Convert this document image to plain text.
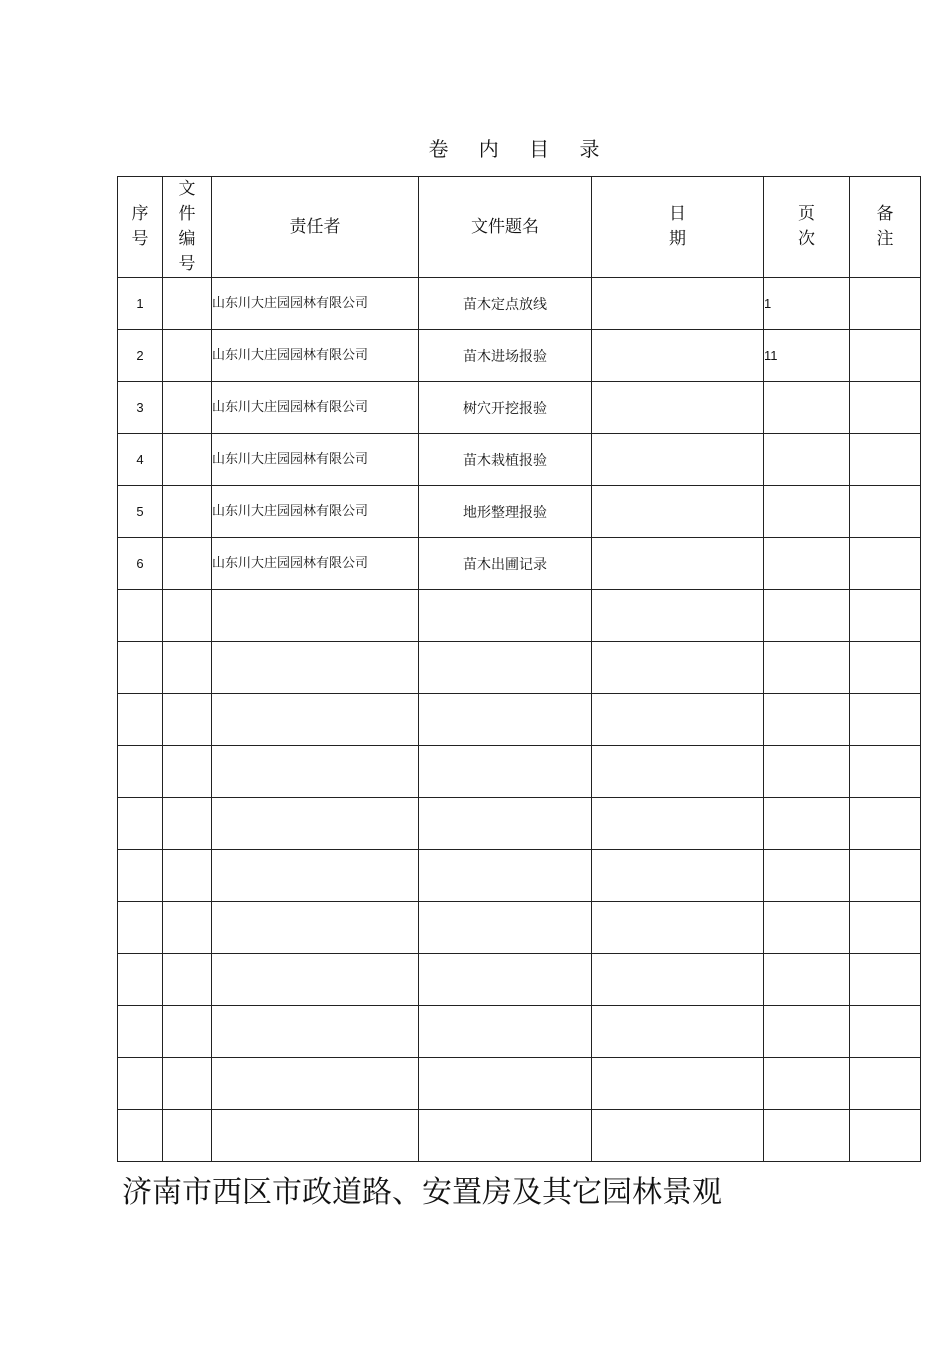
卷 内 目 录
序号	文件编号	责任者	文件题名	日期	页次	备注
1		山东川大庄园园林有限公司	苗木定点放线		1	
2		山东川大庄园园林有限公司	苗木进场报验		11	
3		山东川大庄园园林有限公司	树穴开挖报验			
4		山东川大庄园园林有限公司	苗木栽植报验			
5		山东川大庄园园林有限公司	地形整理报验			
6		山东川大庄园园林有限公司	苗木出圃记录			

济南市西区市政道路、安置房及其它园林景观
